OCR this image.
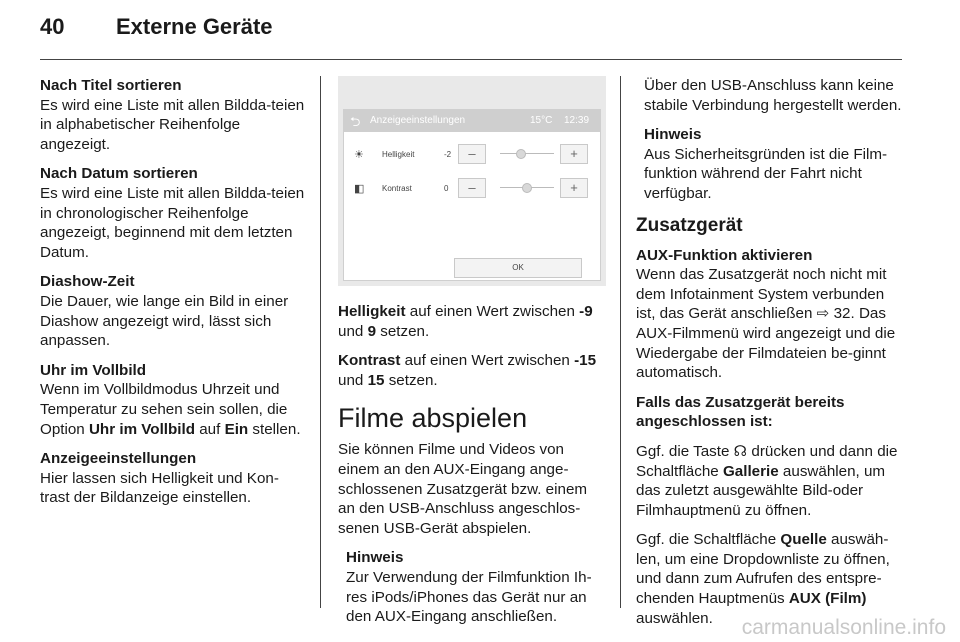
40 Externe Geräte

Nach Titel sortieren
Es wird eine Liste mit allen Bildda-teien in alphabetischer Reihenfolge angezeigt.

Nach Datum sortieren
Es wird eine Liste mit allen Bildda-teien in chronologischer Reihenfolge angezeigt, beginnend mit dem letzten Datum.

Diashow-Zeit
Die Dauer, wie lange ein Bild in einer Diashow angezeigt wird, lässt sich anpassen.

Uhr im Vollbild
Wenn im Vollbildmodus Uhrzeit und Temperatur zu sehen sein sollen, die Option Uhr im Vollbild auf Ein stellen.

Anzeigeeinstellungen
Hier lassen sich Helligkeit und Kon-trast der Bildanzeige einstellen.

⮌ Anzeigeeinstellungen	15°C 12:39
☀ Helligkeit	-2	–	+
◧ Kontrast	0	–	+
OK

Helligkeit auf einen Wert zwischen -9 und 9 setzen.

Kontrast auf einen Wert zwischen -15 und 15 setzen.

Filme abspielen

Sie können Filme und Videos von einem an den AUX-Eingang ange-schlossenen Zusatzgerät bzw. einem an den USB-Anschluss angeschlos-senen USB-Gerät abspielen.

Hinweis
Zur Verwendung der Filmfunktion Ih-res iPods/iPhones das Gerät nur an den AUX-Eingang anschließen.

Über den USB-Anschluss kann keine stabile Verbindung hergestellt werden.

Hinweis
Aus Sicherheitsgründen ist die Film-funktion während der Fahrt nicht verfügbar.

Zusatzgerät

AUX-Funktion aktivieren
Wenn das Zusatzgerät noch nicht mit dem Infotainment System verbunden ist, das Gerät anschließen ⇨ 32. Das AUX-Filmmenü wird angezeigt und die Wiedergabe der Filmdateien be-ginnt automatisch.

Falls das Zusatzgerät bereits angeschlossen ist:

Ggf. die Taste ☊ drücken und dann die Schaltfläche Gallerie auswählen, um das zuletzt ausgewählte Bild-oder Filmhauptmenü zu öffnen.

Ggf. die Schaltfläche Quelle auswäh-len, um eine Dropdownliste zu öffnen, und dann zum Aufrufen des entspre-chenden Hauptmenüs AUX (Film) auswählen.	carmanualsonline.info
